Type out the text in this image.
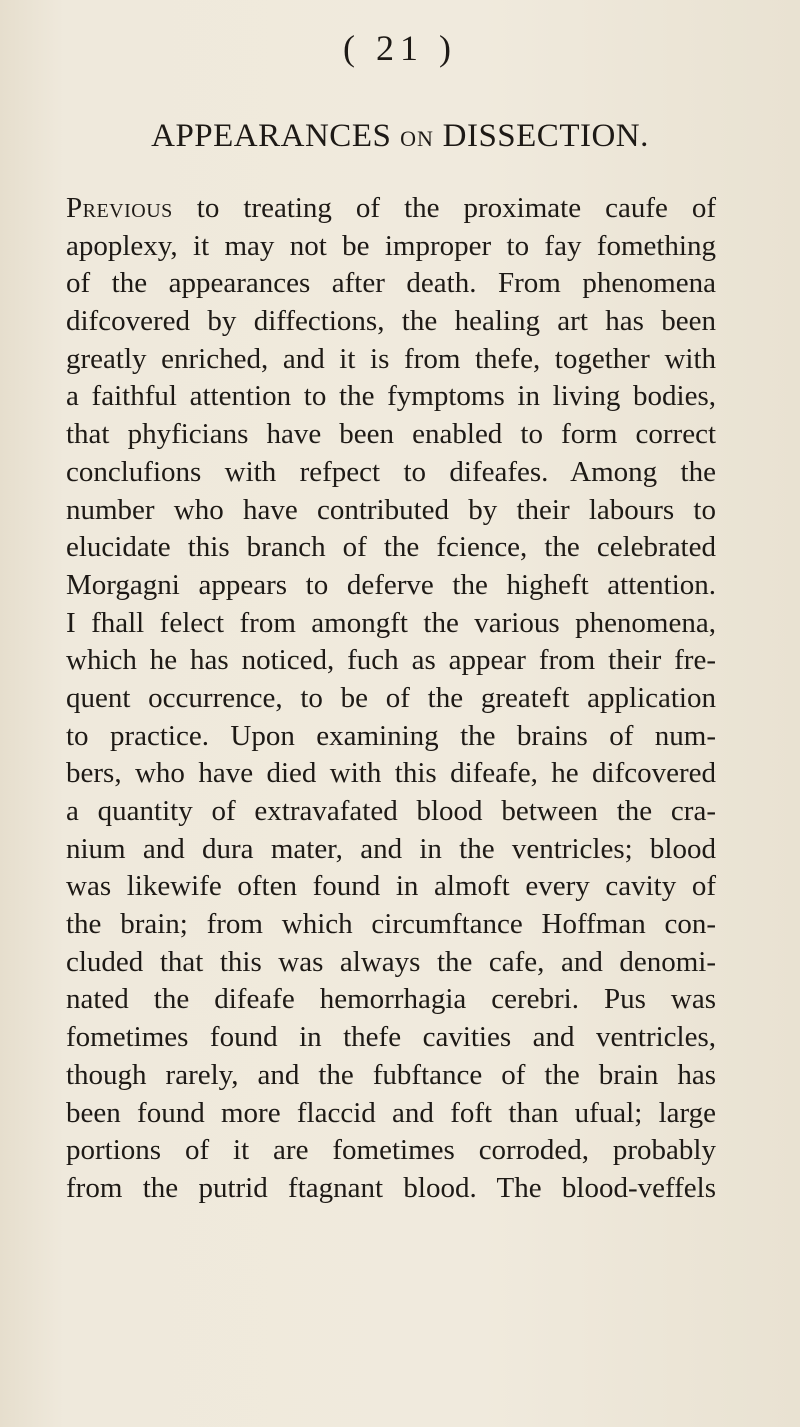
( 21 )
APPEARANCES ON DISSECTION.
Previous to treating of the proximate caufe of
apoplexy, it may not be improper to fay fomething
of the appearances after death. From phenomena
difcovered by diffections, the healing art has been
greatly enriched, and it is from thefe, together with
a faithful attention to the fymptoms in living bodies,
that phyficians have been enabled to form correct
conclufions with refpect to difeafes. Among the
number who have contributed by their labours to
elucidate this branch of the fcience, the celebrated
Morgagni appears to deferve the higheft attention.
I fhall felect from amongft the various phenomena,
which he has noticed, fuch as appear from their fre-
quent occurrence, to be of the greateft application
to practice. Upon examining the brains of num-
bers, who have died with this difeafe, he difcovered
a quantity of extravafated blood between the cra-
nium and dura mater, and in the ventricles; blood
was likewife often found in almoft every cavity of
the brain; from which circumftance Hoffman con-
cluded that this was always the cafe, and denomi-
nated the difeafe hemorrhagia cerebri. Pus was
fometimes found in thefe cavities and ventricles,
though rarely, and the fubftance of the brain has
been found more flaccid and foft than ufual; large
portions of it are fometimes corroded, probably
from the putrid ftagnant blood. The blood-veffels
